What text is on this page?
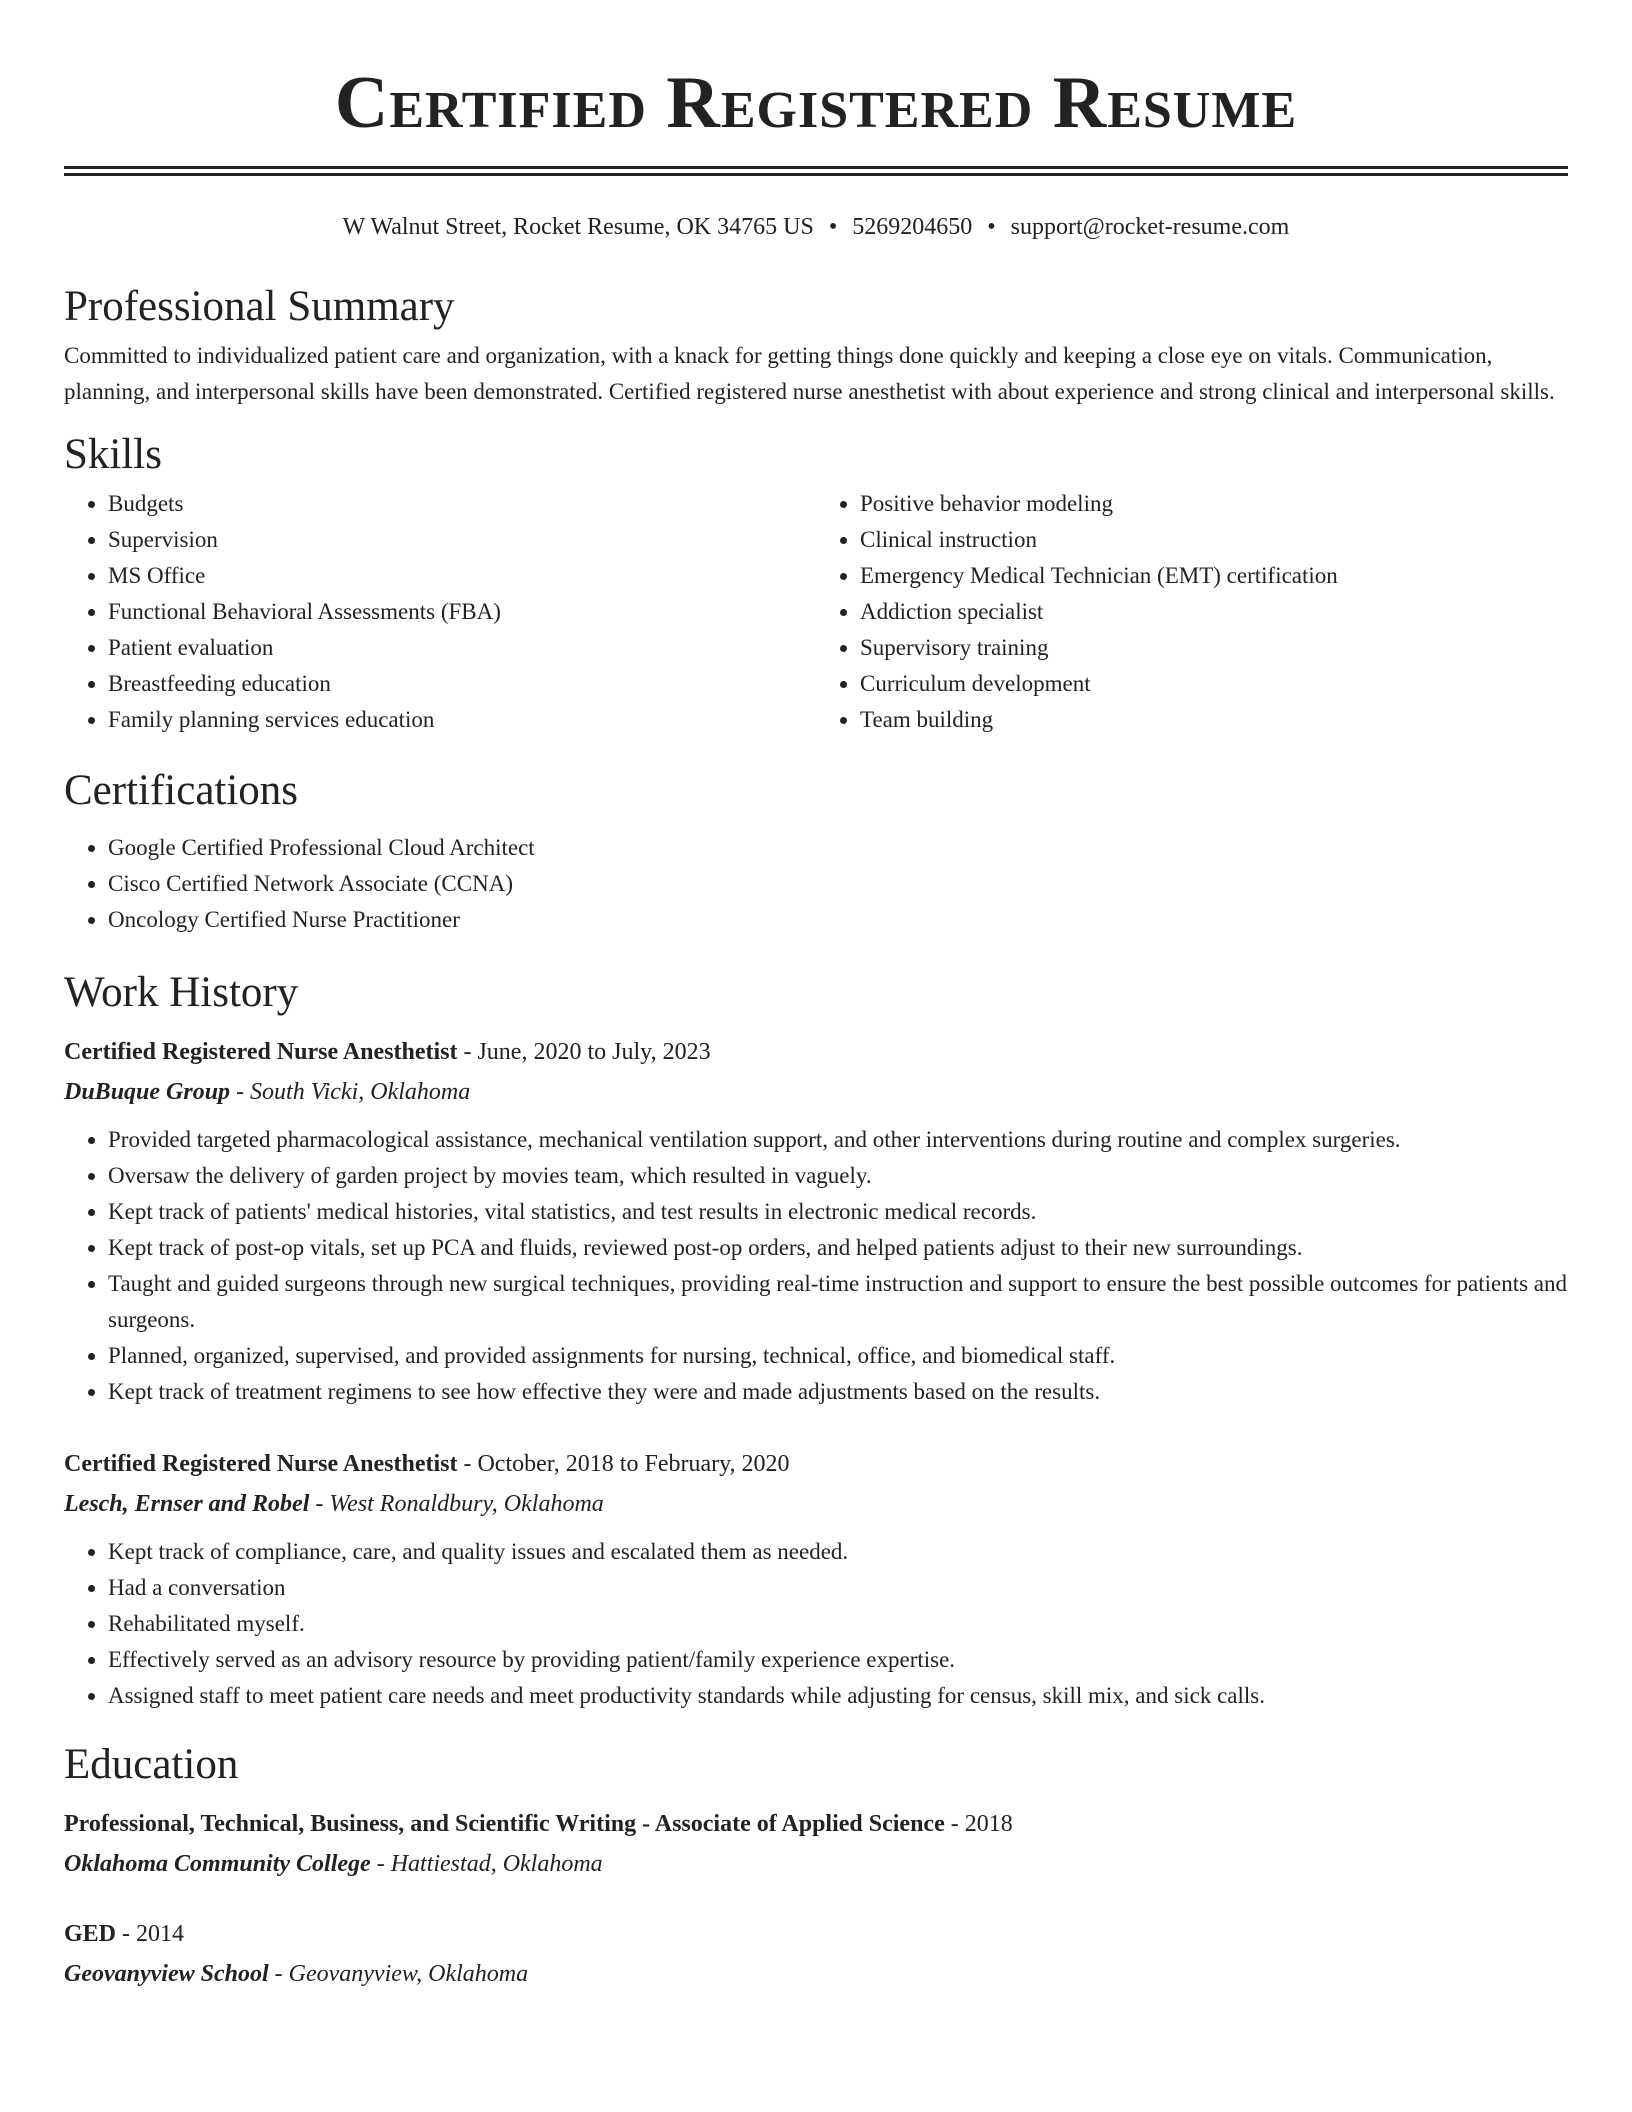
Certified Registered Resume
W Walnut Street, Rocket Resume, OK 34765 US • 5269204650 • support@rocket-resume.com
Professional Summary

Committed to individualized patient care and organization, with a knack for getting things done quickly and keeping a close eye on vitals. Communication, planning, and interpersonal skills have been demonstrated. Certified registered nurse anesthetist with about experience and strong clinical and interpersonal skills.

Skills
• Budgets
• Supervision
• MS Office
• Functional Behavioral Assessments (FBA)
• Patient evaluation
• Breastfeeding education
• Family planning services education
• Positive behavior modeling
• Clinical instruction
• Emergency Medical Technician (EMT) certification
• Addiction specialist
• Supervisory training
• Curriculum development
• Team building
Certifications
• Google Certified Professional Cloud Architect
• Cisco Certified Network Associate (CCNA)
• Oncology Certified Nurse Practitioner
Work History

Certified Registered Nurse Anesthetist - June, 2020 to July, 2023

DuBuque Group - South Vicki, Oklahoma

• Provided targeted pharmacological assistance, mechanical ventilation support, and other interventions during routine and complex surgeries.
• Oversaw the delivery of garden project by movies team, which resulted in vaguely.
• Kept track of patients' medical histories, vital statistics, and test results in electronic medical records.
• Kept track of post-op vitals, set up PCA and fluids, reviewed post-op orders, and helped patients adjust to their new surroundings.
• Taught and guided surgeons through new surgical techniques, providing real-time instruction and support to ensure the best possible outcomes for patients and surgeons.
• Planned, organized, supervised, and provided assignments for nursing, technical, office, and biomedical staff.
• Kept track of treatment regimens to see how effective they were and made adjustments based on the results.

Certified Registered Nurse Anesthetist - October, 2018 to February, 2020

Lesch, Ernser and Robel - West Ronaldbury, Oklahoma

• Kept track of compliance, care, and quality issues and escalated them as needed.
• Had a conversation
• Rehabilitated myself.
• Effectively served as an advisory resource by providing patient/family experience expertise.
• Assigned staff to meet patient care needs and meet productivity standards while adjusting for census, skill mix, and sick calls.
Education

Professional, Technical, Business, and Scientific Writing - Associate of Applied Science - 2018

Oklahoma Community College - Hattiestad, Oklahoma

GED - 2014

Geovanyview School - Geovanyview, Oklahoma
